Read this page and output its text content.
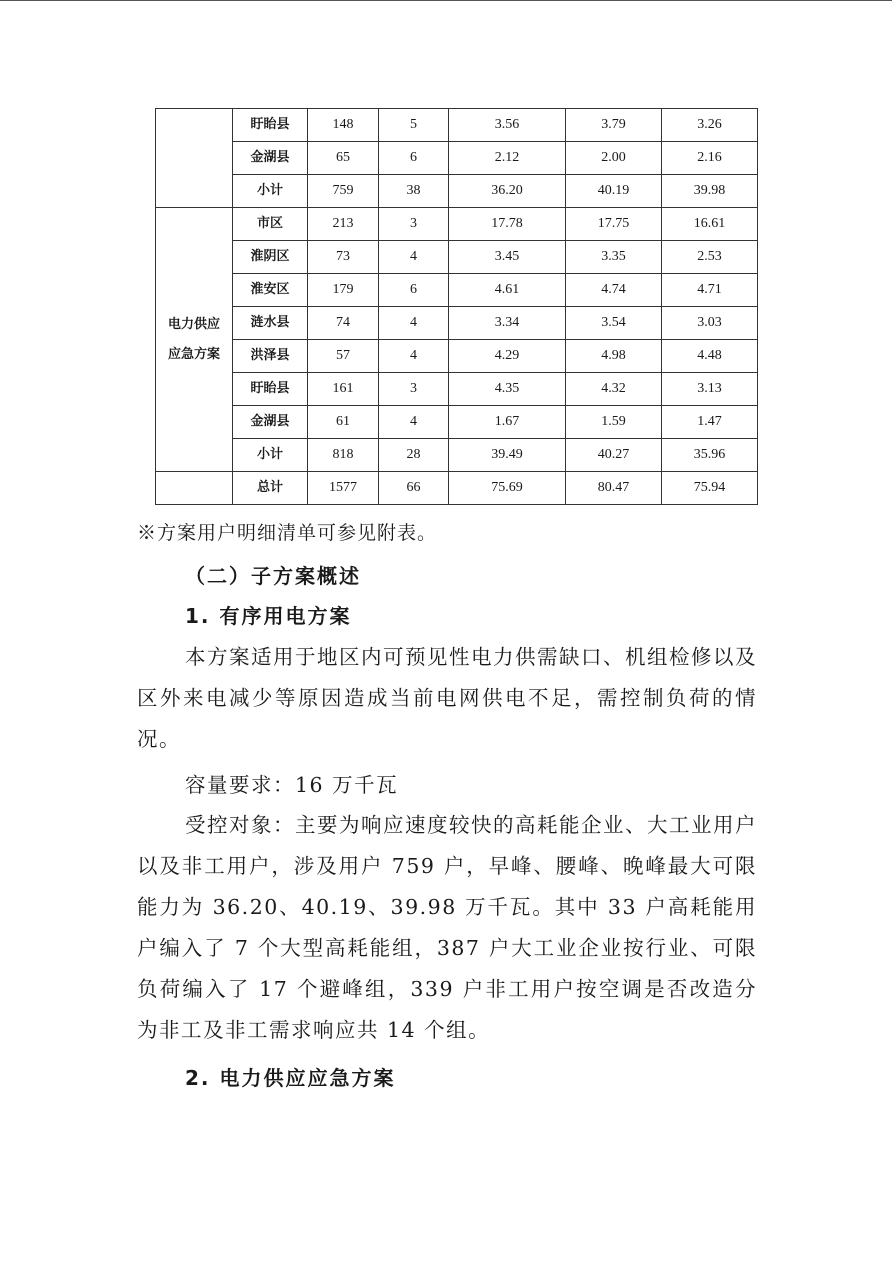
	盱眙县	148	5	3.56	3.79	3.26
	金湖县	65	6	2.12	2.00	2.16
	小计	759	38	36.20	40.19	39.98
电力供应
应急方案	市区	213	3	17.78	17.75	16.61
	淮阴区	73	4	3.45	3.35	2.53
	淮安区	179	6	4.61	4.74	4.71
	涟水县	74	4	3.34	3.54	3.03
	洪泽县	57	4	4.29	4.98	4.48
	盱眙县	161	3	4.35	4.32	3.13
	金湖县	61	4	1.67	1.59	1.47
	小计	818	28	39.49	40.27	35.96
	总计	1577	66	75.69	80.47	75.94
※方案用户明细清单可参见附表。
（二）子方案概述
1. 有序用电方案
本方案适用于地区内可预见性电力供需缺口、机组检修以及区外来电减少等原因造成当前电网供电不足，需控制负荷的情况。
容量要求：16 万千瓦
受控对象：主要为响应速度较快的高耗能企业、大工业用户以及非工用户，涉及用户 759 户，早峰、腰峰、晚峰最大可限能力为 36.20、40.19、39.98 万千瓦。其中 33 户高耗能用户编入了 7 个大型高耗能组，387 户大工业企业按行业、可限负荷编入了 17 个避峰组，339 户非工用户按空调是否改造分为非工及非工需求响应共 14 个组。
2. 电力供应应急方案
